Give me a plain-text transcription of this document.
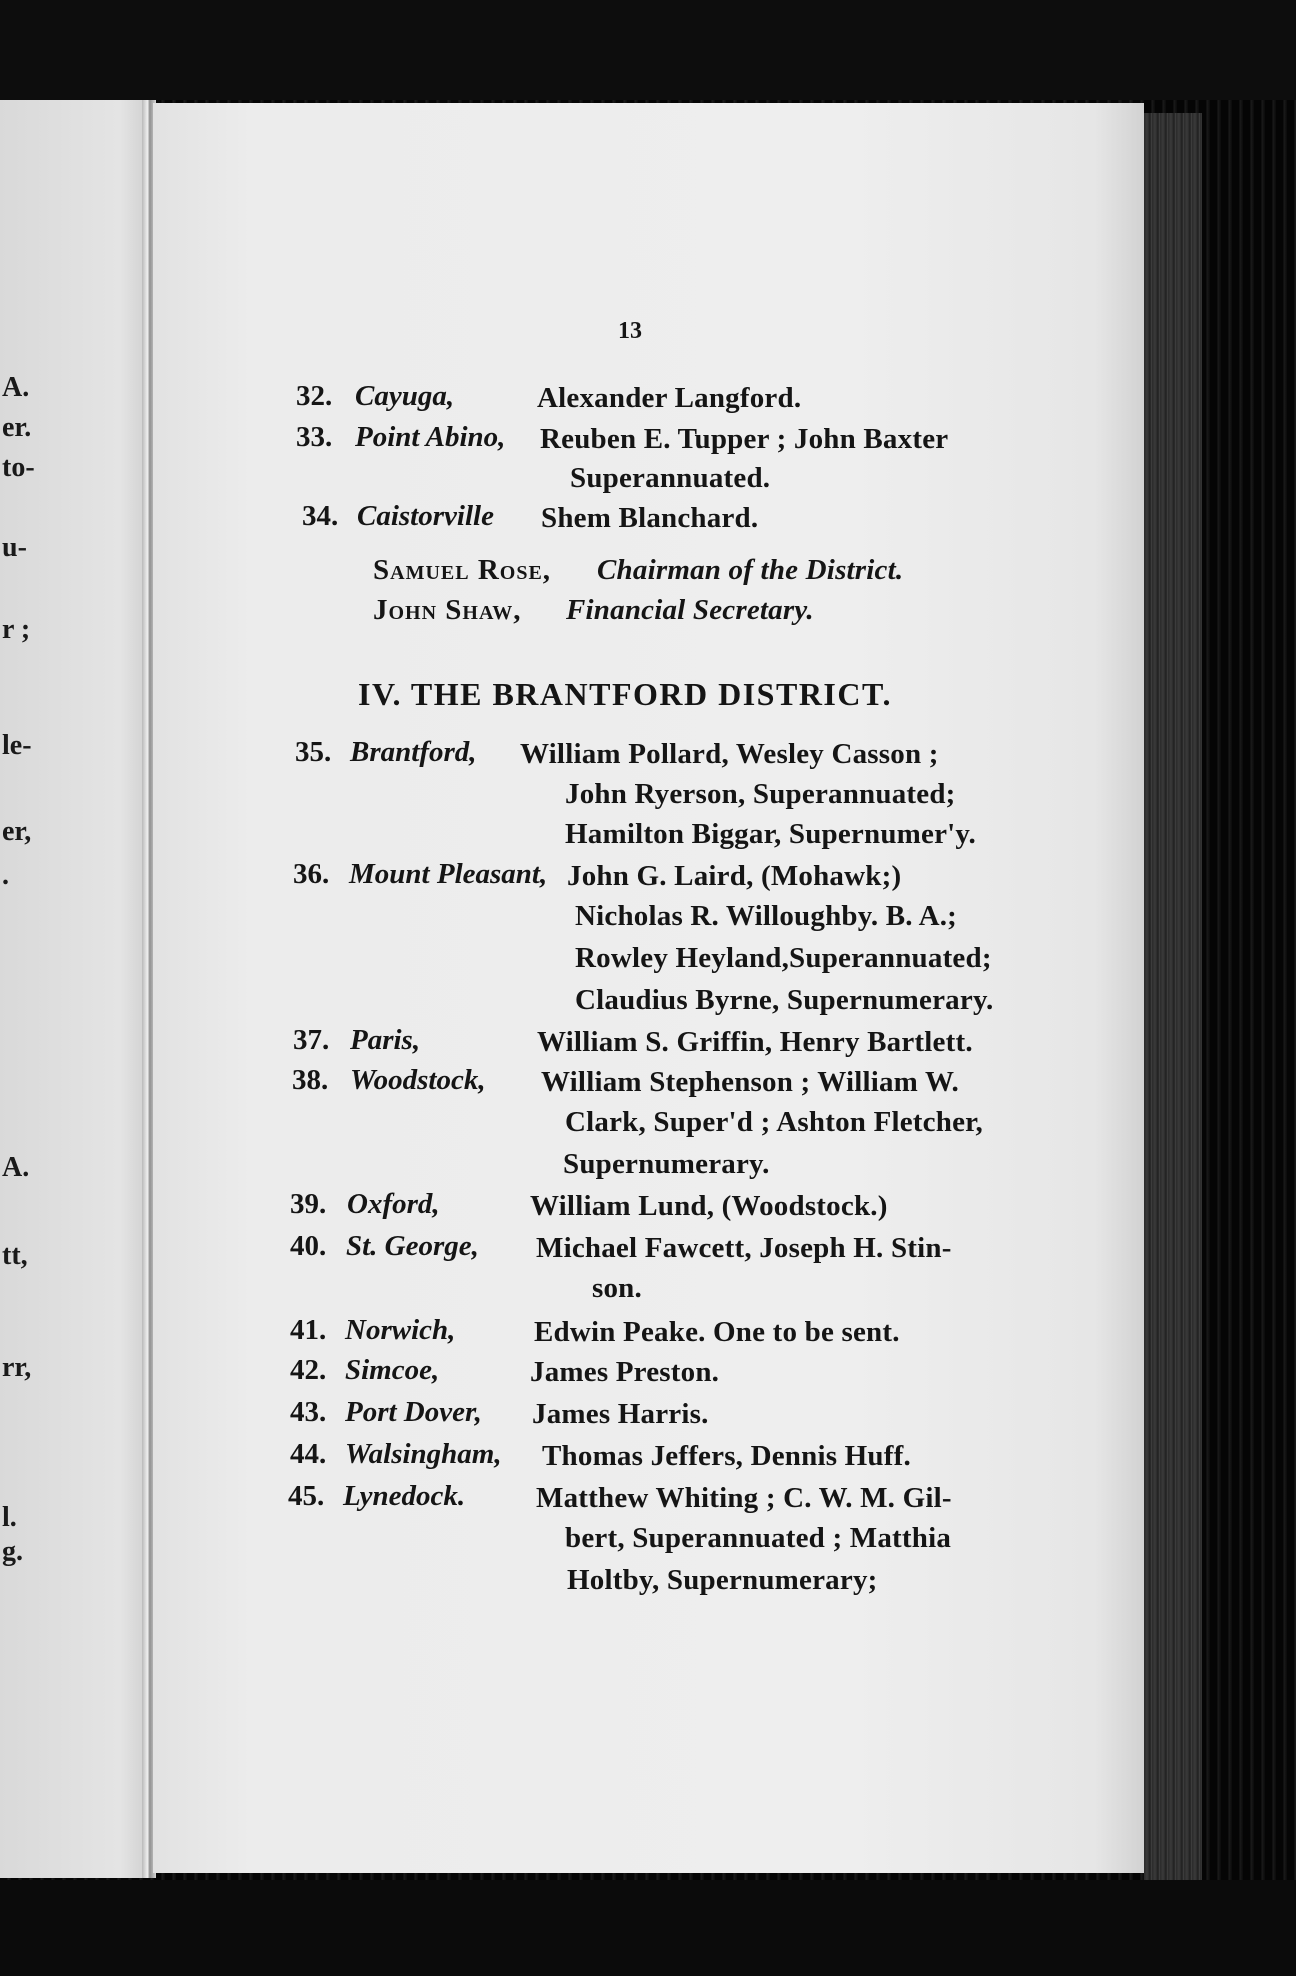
A.
er.
to-
u-
r ;
le-
er,
.
A.
tt,
rr,
l.
g.
13
32. Cayuga,	Alexander Langford.
33. Point Abino, Reuben E. Tupper ; John Baxter
Superannuated.
34. Caistorville Shem Blanchard.
Samuel Rose, Chairman of the District.
John Shaw, Financial Secretary.
IV. THE BRANTFORD DISTRICT.
35. Brantford, William Pollard, Wesley Casson ;
John Ryerson, Superannuated;
Hamilton Biggar, Supernumer'y.
36. Mount Pleasant, John G. Laird, (Mohawk;)
Nicholas R. Willoughby. B. A.;
Rowley Heyland,Superannuated;
Claudius Byrne, Supernumerary.
37. Paris,	William S. Griffin, Henry Bartlett.
38. Woodstock, William Stephenson ; William W.
Clark, Super'd ; Ashton Fletcher,
Supernumerary.
39. Oxford,	William Lund, (Woodstock.)
40. St. George, Michael Fawcett, Joseph H. Stin-
son.
41. Norwich,	Edwin Peake. One to be sent.
42. Simcoe,	James Preston.
43. Port Dover, James Harris.
44. Walsingham, Thomas Jeffers, Dennis Huff.
45. Lynedock. Matthew Whiting ; C. W. M. Gil-
bert, Superannuated ; Matthia
Holtby, Supernumerary;
